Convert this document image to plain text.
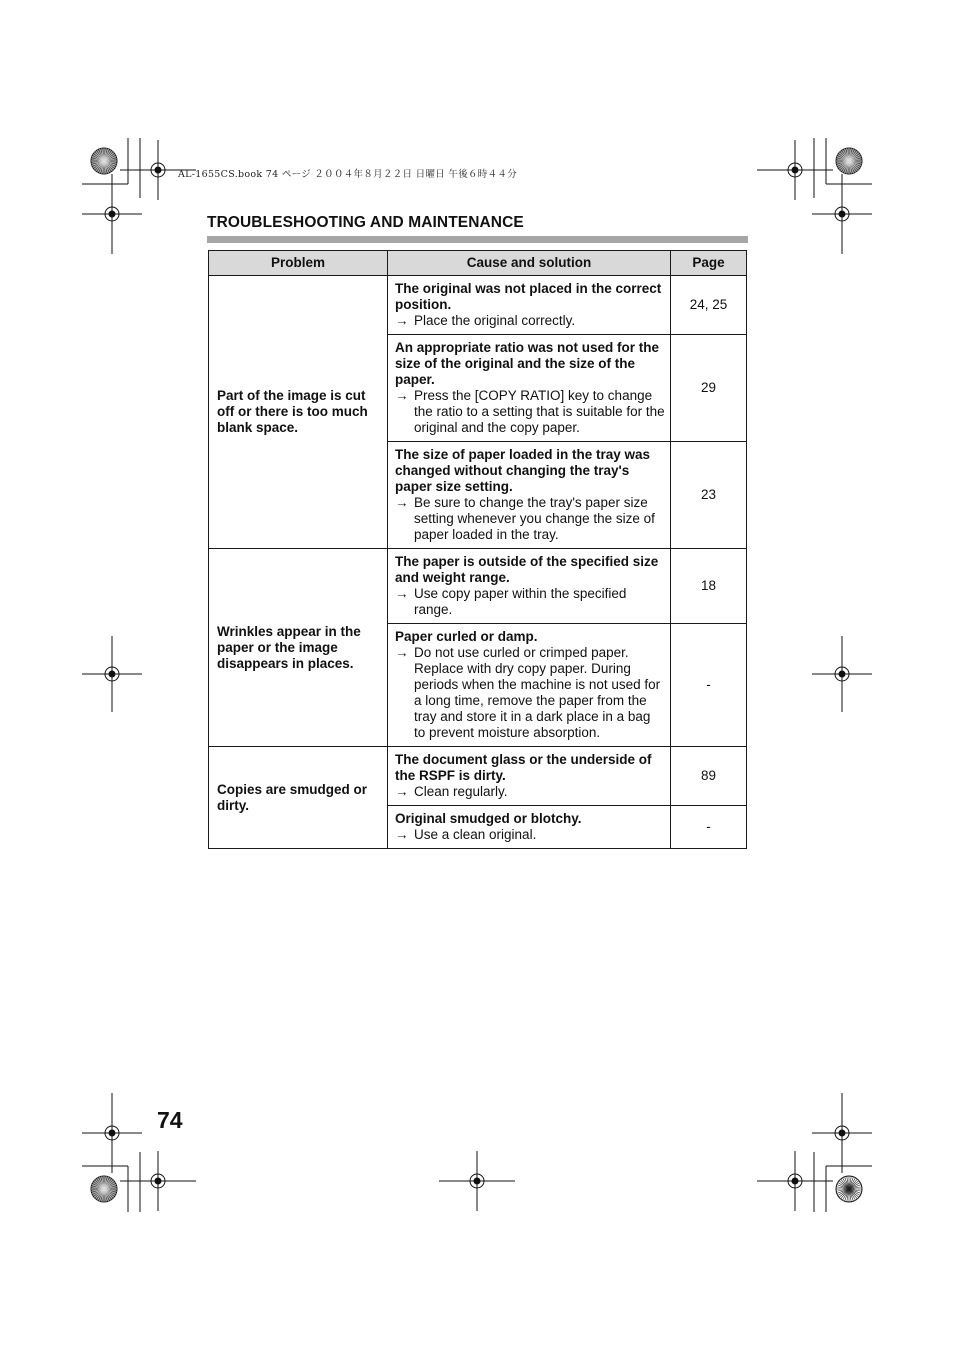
AL-1655CS.book 74 ページ ２００４年８月２２日 日曜日 午後６時４４分
TROUBLESHOOTING AND MAINTENANCE
Problem	Cause and solution	Page
Part of the image is cut off or there is too much blank space.	The original was not placed in the correct position.
→ Place the original correctly.	24, 25

	An appropriate ratio was not used for the size of the original and the size of the paper.
→ Press the [COPY RATIO] key to change the ratio to a setting that is suitable for the original and the copy paper.	29

	The size of paper loaded in the tray was changed without changing the tray's paper size setting.
→ Be sure to change the tray's paper size setting whenever you change the size of paper loaded in the tray.	23
Wrinkles appear in the paper or the image disappears in places.	The paper is outside of the specified size and weight range.
→ Use copy paper within the specified range.	18

	Paper curled or damp.
→ Do not use curled or crimped paper. Replace with dry copy paper. During periods when the machine is not used for a long time, remove the paper from the tray and store it in a dark place in a bag to prevent moisture absorption.	-
Copies are smudged or dirty.	The document glass or the underside of the RSPF is dirty.
→ Clean regularly.	89

	Original smudged or blotchy.
→ Use a clean original.	-
74
